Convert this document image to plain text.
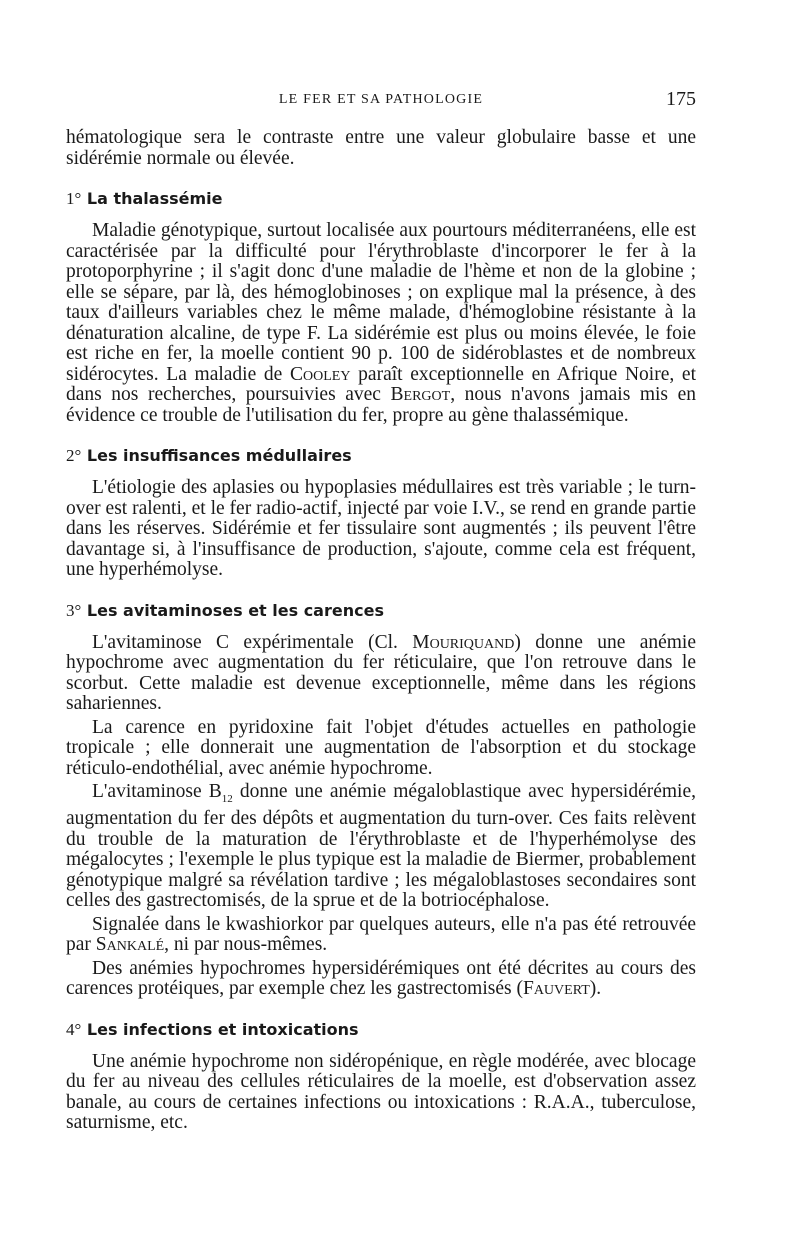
LE FER ET SA PATHOLOGIE	175

hématologique sera le contraste entre une valeur globulaire basse et une sidérémie normale ou élevée.

1° La thalassémie

Maladie génotypique, surtout localisée aux pourtours méditerranéens, elle est caractérisée par la difficulté pour l'érythroblaste d'incorporer le fer à la protoporphyrine ; il s'agit donc d'une maladie de l'hème et non de la globine ; elle se sépare, par là, des hémoglobinoses ; on explique mal la présence, à des taux d'ailleurs variables chez le même malade, d'hémoglobine résistante à la dénaturation alcaline, de type F. La sidérémie est plus ou moins élevée, le foie est riche en fer, la moelle contient 90 p. 100 de sidéroblastes et de nombreux sidérocytes. La maladie de Cooley paraît exceptionnelle en Afrique Noire, et dans nos recherches, poursuivies avec Bergot, nous n'avons jamais mis en évidence ce trouble de l'utilisation du fer, propre au gène thalassémique.

2° Les insuffisances médullaires

L'étiologie des aplasies ou hypoplasies médullaires est très variable ; le turn-over est ralenti, et le fer radio-actif, injecté par voie I.V., se rend en grande partie dans les réserves. Sidérémie et fer tissulaire sont augmentés ; ils peuvent l'être davantage si, à l'insuffisance de production, s'ajoute, comme cela est fréquent, une hyperhémolyse.

3° Les avitaminoses et les carences

L'avitaminose C expérimentale (Cl. Mouriquand) donne une anémie hypochrome avec augmentation du fer réticulaire, que l'on retrouve dans le scorbut. Cette maladie est devenue exceptionnelle, même dans les régions sahariennes.

La carence en pyridoxine fait l'objet d'études actuelles en pathologie tropicale ; elle donnerait une augmentation de l'absorption et du stockage réticulo-endothélial, avec anémie hypochrome.

L'avitaminose $B_{12}$ donne une anémie mégaloblastique avec hypersidérémie, augmentation du fer des dépôts et augmentation du turn-over. Ces faits relèvent du trouble de la maturation de l'érythroblaste et de l'hyperhémolyse des mégalocytes ; l'exemple le plus typique est la maladie de Biermer, probablement génotypique malgré sa révélation tardive ; les mégaloblastoses secondaires sont celles des gastrectomisés, de la sprue et de la botriocéphalose.

Signalée dans le kwashiorkor par quelques auteurs, elle n'a pas été retrouvée par Sankalé, ni par nous-mêmes.

Des anémies hypochromes hypersidérémiques ont été décrites au cours des carences protéiques, par exemple chez les gastrectomisés (Fauvert).

4° Les infections et intoxications

Une anémie hypochrome non sidéropénique, en règle modérée, avec blocage du fer au niveau des cellules réticulaires de la moelle, est d'observation assez banale, au cours de certaines infections ou intoxications : R.A.A., tuberculose, saturnisme, etc.
